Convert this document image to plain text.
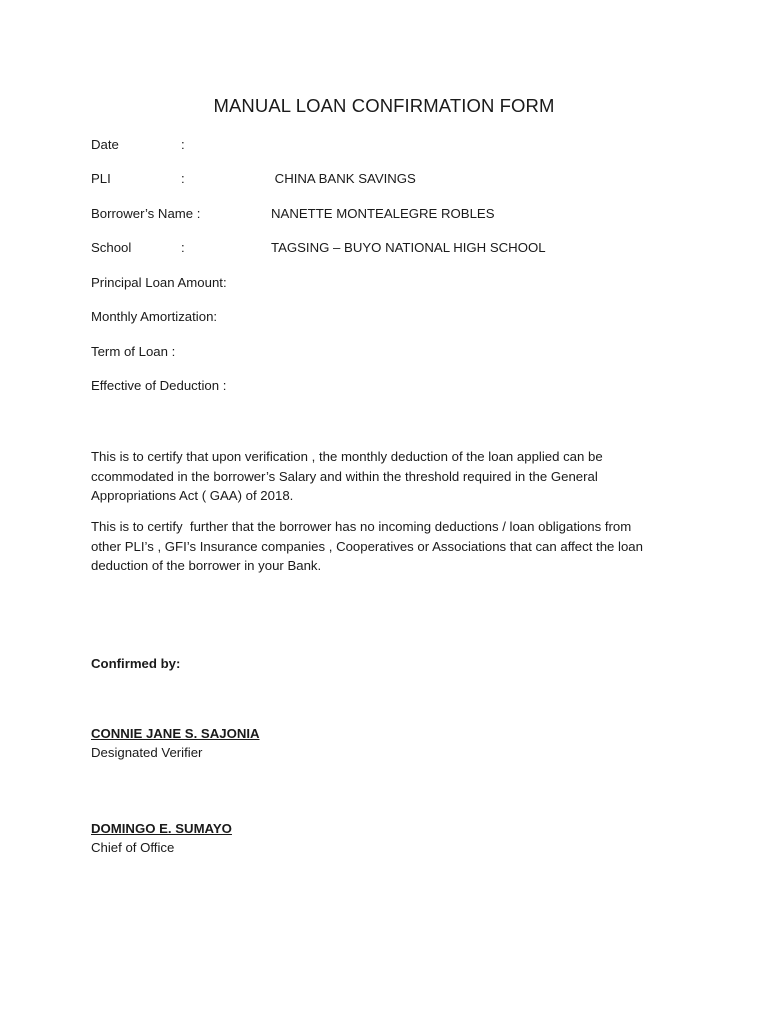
MANUAL LOAN CONFIRMATION FORM
Date	:
PLI	:	CHINA BANK SAVINGS
Borrower’s Name :	NANETTE MONTEALEGRE ROBLES
School	:	TAGSING – BUYO NATIONAL HIGH SCHOOL
Principal Loan Amount:
Monthly Amortization:
Term of Loan :
Effective of Deduction :
This is to certify that upon verification , the monthly deduction of the loan applied can be
ccommodated in the borrower’s Salary and within the threshold required in the General
Appropriations Act ( GAA) of 2018.
This is to certify  further that the borrower has no incoming deductions / loan obligations from
other PLI’s , GFI’s Insurance companies , Cooperatives or Associations that can affect the loan
deduction of the borrower in your Bank.
Confirmed by:
CONNIE JANE S. SAJONIA
Designated Verifier
DOMINGO E. SUMAYO
Chief of Office
